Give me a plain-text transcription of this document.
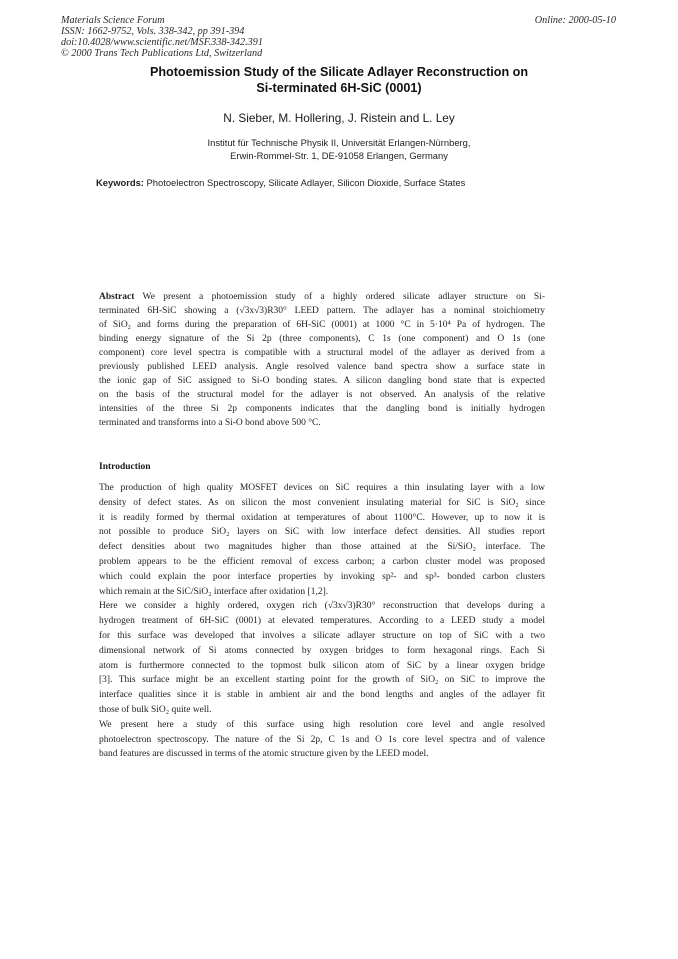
Materials Science Forum
ISSN: 1662-9752, Vols. 338-342, pp 391-394
doi:10.4028/www.scientific.net/MSF.338-342.391
© 2000 Trans Tech Publications Ltd, Switzerland
Online: 2000-05-10
Photoemission Study of the Silicate Adlayer Reconstruction on
Si-terminated 6H-SiC (0001)
N. Sieber, M. Hollering, J. Ristein and L. Ley
Institut für Technische Physik II, Universität Erlangen-Nürnberg,
Erwin-Rommel-Str. 1, DE-91058 Erlangen, Germany
Keywords: Photoelectron Spectroscopy, Silicate Adlayer, Silicon Dioxide, Surface States
Abstract We present a photoemission study of a highly ordered silicate adlayer structure on Si-
terminated 6H-SiC showing a (√3x√3)R30° LEED pattern. The adlayer has a nominal stoichiometry
of SiO₂ and forms during the preparation of 6H-SiC (0001) at 1000 °C in 5·10⁴ Pa of hydrogen. The
binding energy signature of the Si 2p (three components), C 1s (one component) and O 1s (one
component) core level spectra is compatible with a structural model of the adlayer as derived from a
previously published LEED analysis. Angle resolved valence band spectra show a surface state in
the ionic gap of SiC assigned to Si-O bonding states. A silicon dangling bond state that is expected
on the basis of the structural model for the adlayer is not observed. An analysis of the relative
intensities of the three Si 2p components indicates that the dangling bond is initially hydrogen
terminated and transforms into a Si-O bond above 500 °C.
Introduction
The production of high quality MOSFET devices on SiC requires a thin insulating layer with a low
density of defect states. As on silicon the most convenient insulating material for SiC is SiO₂ since
it is readily formed by thermal oxidation at temperatures of about 1100°C. However, up to now it is
not possible to produce SiO₂ layers on SiC with low interface defect densities. All studies report
defect densities about two magnitudes higher than those attained at the Si/SiO₂ interface. The
problem appears to be the efficient removal of excess carbon; a carbon cluster model was proposed
which could explain the poor interface properties by invoking sp²- and sp³- bonded carbon clusters
which remain at the SiC/SiO₂ interface after oxidation [1,2].
Here we consider a highly ordered, oxygen rich (√3x√3)R30° reconstruction that develops during a
hydrogen treatment of 6H-SiC (0001) at elevated temperatures. According to a LEED study a model
for this surface was developed that involves a silicate adlayer structure on top of SiC with a two
dimensional network of Si atoms connected by oxygen bridges to form hexagonal rings. Each Si
atom is furthermore connected to the topmost bulk silicon atom of SiC by a linear oxygen bridge
[3]. This surface might be an excellent starting point for the growth of SiO₂ on SiC to improve the
interface qualities since it is stable in ambient air and the bond lengths and angles of the adlayer fit
those of bulk SiO₂ quite well.
We present here a study of this surface using high resolution core level and angle resolved
photoelectron spectroscopy. The nature of the Si 2p, C 1s and O 1s core level spectra and of valence
band features are discussed in terms of the atomic structure given by the LEED model.
